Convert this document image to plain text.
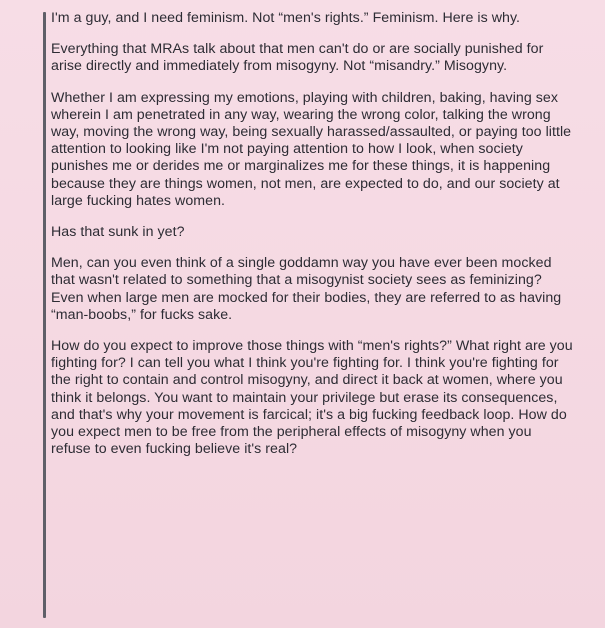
I'm a guy, and I need feminism. Not “men's rights.” Feminism. Here is why.

Everything that MRAs talk about that men can't do or are socially punished for arise directly and immediately from misogyny. Not “misandry.” Misogyny.

Whether I am expressing my emotions, playing with children, baking, having sex wherein I am penetrated in any way, wearing the wrong color, talking the wrong way, moving the wrong way, being sexually harassed/assaulted, or paying too little attention to looking like I'm not paying attention to how I look, when society punishes me or derides me or marginalizes me for these things, it is happening because they are things women, not men, are expected to do, and our society at large fucking hates women.

Has that sunk in yet?

Men, can you even think of a single goddamn way you have ever been mocked that wasn't related to something that a misogynist society sees as feminizing? Even when large men are mocked for their bodies, they are referred to as having “man-boobs,” for fucks sake.

How do you expect to improve those things with “men's rights?” What right are you fighting for? I can tell you what I think you're fighting for. I think you're fighting for the right to contain and control misogyny, and direct it back at women, where you think it belongs. You want to maintain your privilege but erase its consequences, and that's why your movement is farcical; it's a big fucking feedback loop. How do you expect men to be free from the peripheral effects of misogyny when you refuse to even fucking believe it's real?
